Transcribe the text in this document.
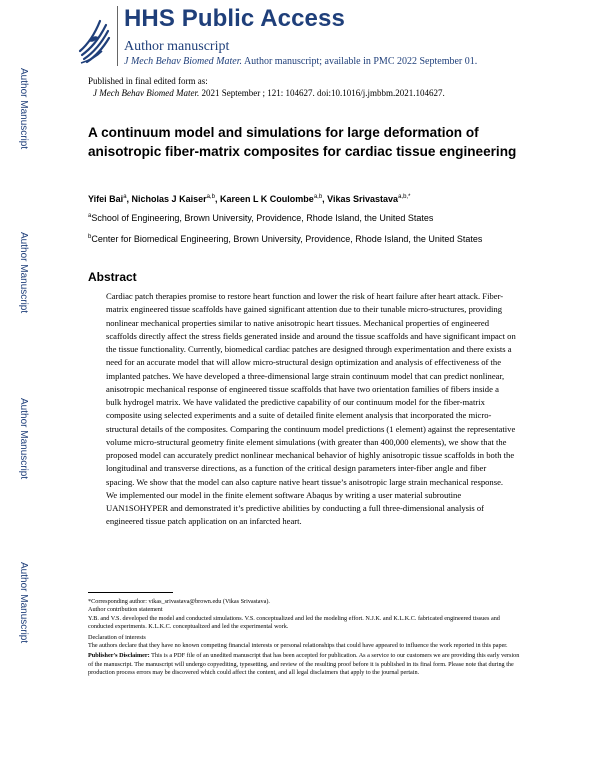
HHS Public Access
Author manuscript
J Mech Behav Biomed Mater. Author manuscript; available in PMC 2022 September 01.
Published in final edited form as:
J Mech Behav Biomed Mater. 2021 September ; 121: 104627. doi:10.1016/j.jmbbm.2021.104627.
A continuum model and simulations for large deformation of anisotropic fiber-matrix composites for cardiac tissue engineering
Yifei Bai$^a$, Nicholas J Kaiser$^{a,b}$, Kareen L K Coulombe$^{a,b}$, Vikas Srivastava$^{a,b,*}$
$^a$School of Engineering, Brown University, Providence, Rhode Island, the United States
$^b$Center for Biomedical Engineering, Brown University, Providence, Rhode Island, the United States
Abstract
Cardiac patch therapies promise to restore heart function and lower the risk of heart failure after heart attack. Fiber-matrix engineered tissue scaffolds have gained significant attention due to their tunable micro-structures, providing nonlinear mechanical properties similar to native anisotropic heart tissues. Mechanical properties of engineered scaffolds directly affect the stress fields generated inside and around the tissue scaffolds and have significant impact on the tissue functionality. Currently, biomedical cardiac patches are designed through experimentation and there exists a need for an accurate model that will allow micro-structural design optimization and analysis of effectiveness of the implanted patches. We have developed a three-dimensional large strain continuum model that can predict nonlinear, anisotropic mechanical response of engineered tissue scaffolds that have two orientation families of fibers inside a bulk hydrogel matrix. We have validated the predictive capability of our continuum model for the fiber-matrix composite using selected experiments and a suite of detailed finite element analysis that incorporated the micro-structural details of the composites. Comparing the continuum model predictions (1 element) against the representative volume micro-structural geometry finite element simulations (with greater than 400,000 elements), we show that the proposed model can accurately predict nonlinear mechanical behavior of highly anisotropic tissue scaffolds in both the longitudinal and transverse directions, as a function of the critical design parameters inter-fiber angle and fiber spacing. We show that the model can also capture native heart tissue’s anisotropic large strain mechanical response. We implemented our model in the finite element software Abaqus by writing a user material subroutine UAN1SOHYPER and demonstrated it’s predictive abilities by conducting a full three-dimensional analysis of engineered tissue patch application on an infarcted heart.

*Corresponding author: vikas_srivastava@brown.edu (Vikas Srivastava).

Author contribution statement

Y.B. and V.S. developed the model and conducted simulations. V.S. conceptualized and led the modeling effort. N.J.K. and K.L.K.C. fabricated engineered tissues and conducted experiments. K.L.K.C. conceptualized and led the experimental work.

Declaration of interests

The authors declare that they have no known competing financial interests or personal relationships that could have appeared to influence the work reported in this paper.

Publisher's Disclaimer: This is a PDF file of an unedited manuscript that has been accepted for publication. As a service to our customers we are providing this early version of the manuscript. The manuscript will undergo copyediting, typesetting, and review of the resulting proof before it is published in its final form. Please note that during the production process errors may be discovered which could affect the content, and all legal disclaimers that apply to the journal pertain.

Author Manuscript
Author Manuscript
Author Manuscript
Author Manuscript
